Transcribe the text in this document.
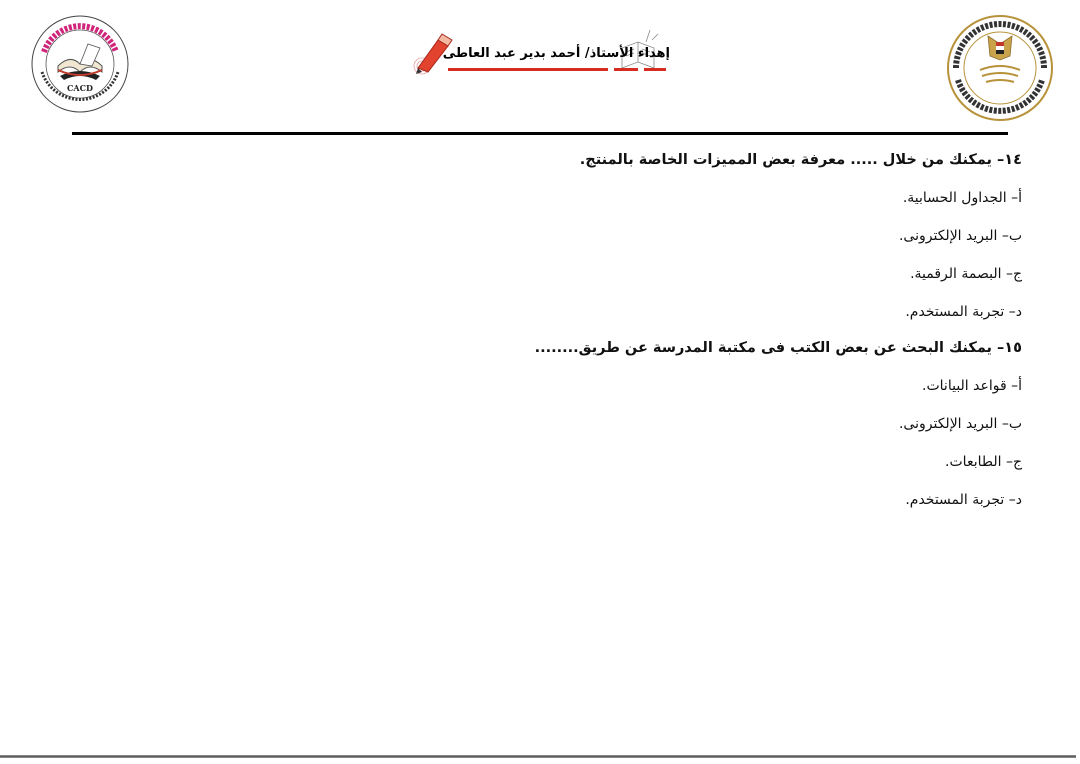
CACD
إهداء الأستاذ/ أحمد بدير عبد العاطى

١٤– يمكنك من خلال ..... معرفة بعض المميزات الخاصة بالمنتج.

أ– الجداول الحسابية.

ب– البريد الإلكترونى.

ج– البصمة الرقمية.

د– تجربة المستخدم.

١٥– يمكنك البحث عن بعض الكتب فى مكتبة المدرسة عن طريق........

أ– قواعد البيانات.

ب– البريد الإلكترونى.

ج– الطابعات.

د– تجربة المستخدم.
